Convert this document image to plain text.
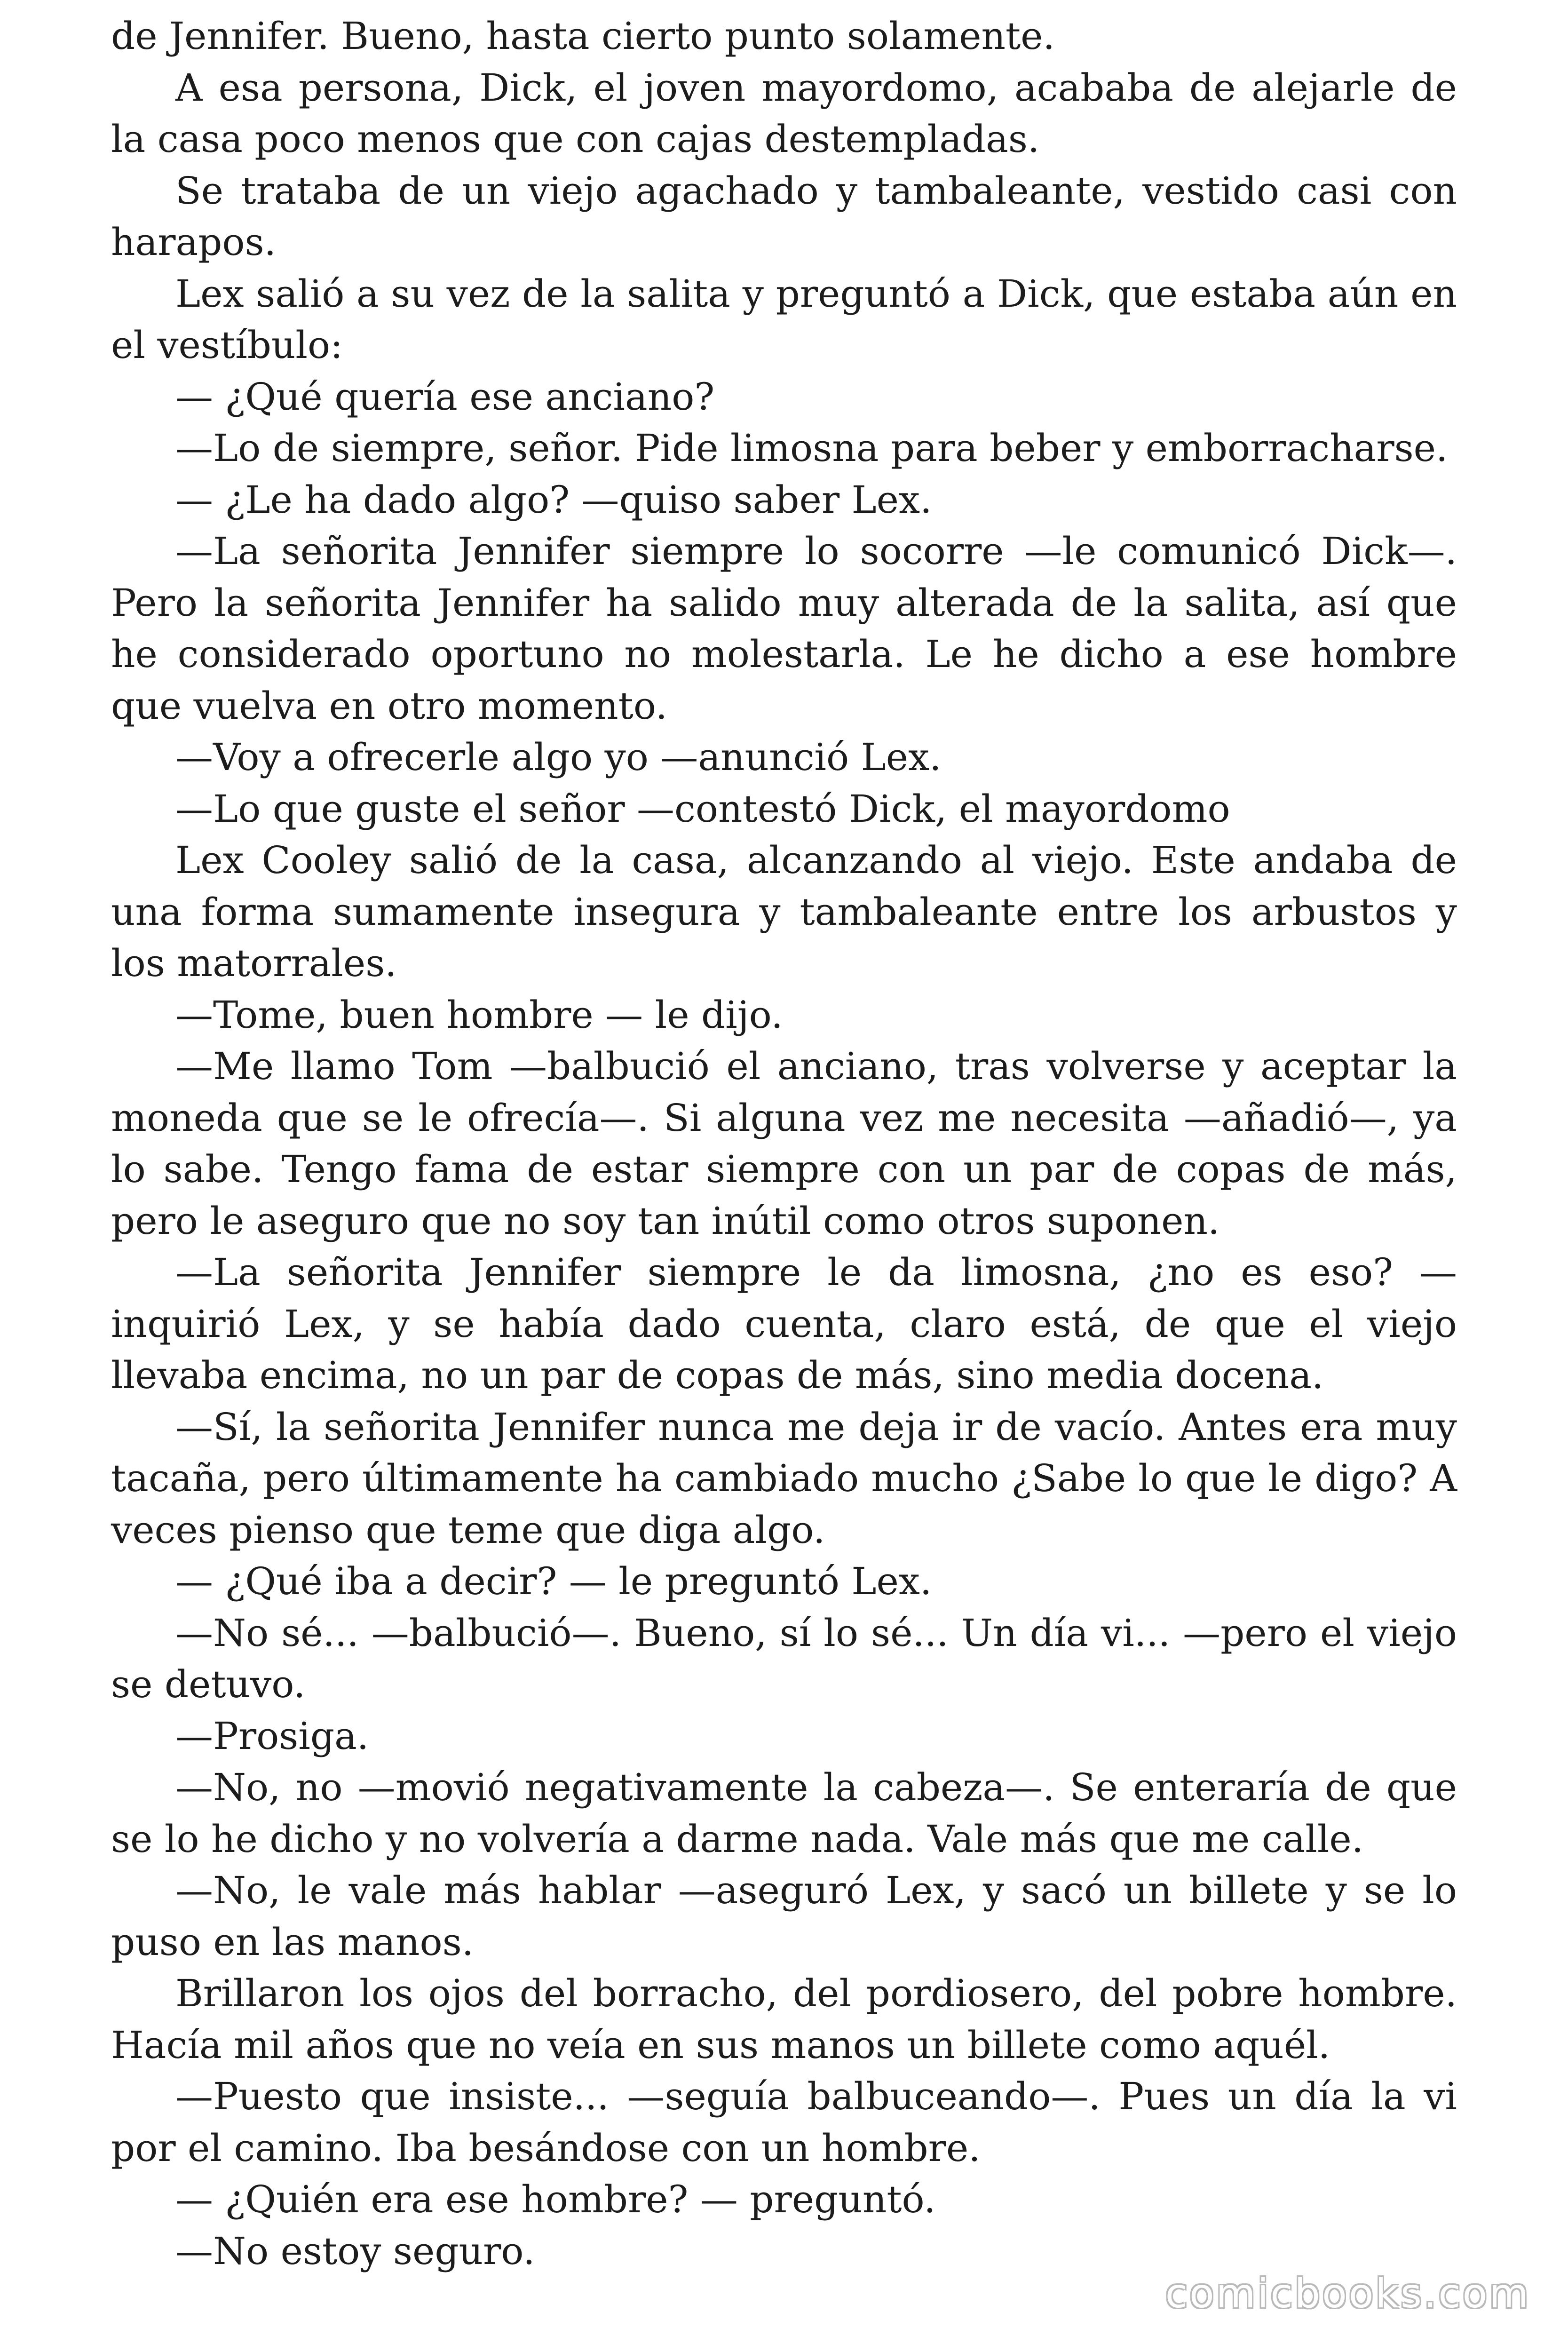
de Jennifer. Bueno, hasta cierto punto solamente.

A esa persona, Dick, el joven mayordomo, acababa de alejarle de la casa poco menos que con cajas destempladas.

Se trataba de un viejo agachado y tambaleante, vestido casi con harapos.

Lex salió a su vez de la salita y preguntó a Dick, que estaba aún en el vestíbulo:

— ¿Qué quería ese anciano?

—Lo de siempre, señor. Pide limosna para beber y emborracharse.

— ¿Le ha dado algo? —quiso saber Lex.

—La señorita Jennifer siempre lo socorre —le comunicó Dick—. Pero la señorita Jennifer ha salido muy alterada de la salita, así que he considerado oportuno no molestarla. Le he dicho a ese hombre que vuelva en otro momento.

—Voy a ofrecerle algo yo —anunció Lex.

—Lo que guste el señor —contestó Dick, el mayordomo

Lex Cooley salió de la casa, alcanzando al viejo. Este andaba de una forma sumamente insegura y tambaleante entre los arbustos y los matorrales.

—Tome, buen hombre — le dijo.

—Me llamo Tom —balbució el anciano, tras volverse y aceptar la moneda que se le ofrecía—. Si alguna vez me necesita —añadió—, ya lo sabe. Tengo fama de estar siempre con un par de copas de más, pero le aseguro que no soy tan inútil como otros suponen.

—La señorita Jennifer siempre le da limosna, ¿no es eso? — inquirió Lex, y se había dado cuenta, claro está, de que el viejo llevaba encima, no un par de copas de más, sino media docena.

—Sí, la señorita Jennifer nunca me deja ir de vacío. Antes era muy tacaña, pero últimamente ha cambiado mucho ¿Sabe lo que le digo? A veces pienso que teme que diga algo.

— ¿Qué iba a decir? — le preguntó Lex.

—No sé... —balbució—. Bueno, sí lo sé... Un día vi... —pero el viejo se detuvo.

—Prosiga.

—No, no —movió negativamente la cabeza—. Se enteraría de que se lo he dicho y no volvería a darme nada. Vale más que me calle.

—No, le vale más hablar —aseguró Lex, y sacó un billete y se lo puso en las manos.

Brillaron los ojos del borracho, del pordiosero, del pobre hombre. Hacía mil años que no veía en sus manos un billete como aquél.

—Puesto que insiste... —seguía balbuceando—. Pues un día la vi por el camino. Iba besándose con un hombre.

— ¿Quién era ese hombre? — preguntó.

—No estoy seguro.

comicbooks.com
